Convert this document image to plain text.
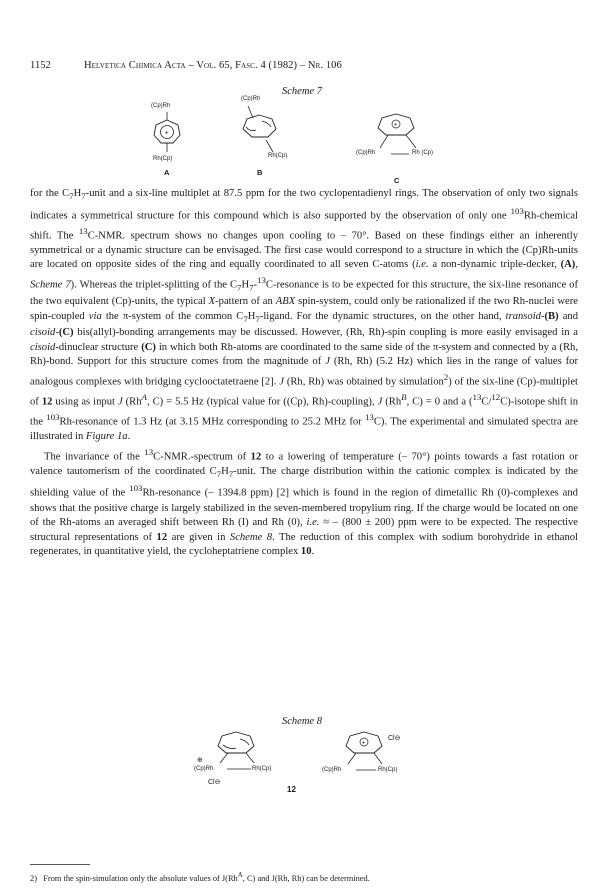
1152	Helvetica Chimica Acta – Vol. 65, Fasc. 4 (1982) – Nr. 106
Scheme 7
(Cp)Rh
+
Rh(Cp)
A
(Cp)Rh
Rh(Cp)
B
+
(Cp)Rh	Rh (Cp)
C

for the $C_7H_7$-unit and a six-line multiplet at 87.5 ppm for the two cyclopentadienyl rings. The observation of only two signals indicates a symmetrical structure for this compound which is also supported by the observation of only one $^{103}$Rh-chemical shift. The $^{13}$C-NMR. spectrum shows no changes upon cooling to – 70°. Based on these findings either an inherently symmetrical or a dynamic structure can be envisaged. The first case would correspond to a structure in which the (Cp)Rh-units are located on opposite sides of the ring and equally coordinated to all seven C-atoms (i.e. a non-dynamic triple-decker, (A), Scheme 7). Whereas the triplet-splitting of the $C_7H_7-^{13}C$-resonance is to be expected for this structure, the six-line resonance of the two equivalent (Cp)-units, the typical X-pattern of an ABX spin-system, could only be rationalized if the two Rh-nuclei were spin-coupled via the π-system of the common $C_7H_7$-ligand. For the dynamic structures, on the other hand, transoid-(B) and cisoid-(C) bis(allyl)-bonding arrangements may be discussed. However, (Rh, Rh)-spin coupling is more easily envisaged in a cisoid-dinuclear structure (C) in which both Rh-atoms are coordinated to the same side of the π-system and connected by a (Rh, Rh)-bond. Support for this structure comes from the magnitude of J (Rh, Rh) (5.2 Hz) which lies in the range of values for analogous complexes with bridging cyclooctatetraene [2]. J (Rh, Rh) was obtained by simulation$^2$) of the six-line (Cp)-multiplet of 12 using as input J ($Rh^A$, C) = 5.5 Hz (typical value for ((Cp), Rh)-coupling), J ($Rh^B$, C) = 0 and a ($^{13}$C/$^{12}$C)-isotope shift in the $^{103}$Rh-resonance of 1.3 Hz (at 3.15 MHz corresponding to 25.2 MHz for $^{13}$C). The experimental and simulated spectra are illustrated in Figure 1a.

The invariance of the $^{13}$C-NMR.-spectrum of 12 to a lowering of temperature (– 70°) points towards a fast rotation or valence tautomerism of the coordinated $C_7H_7$-unit. The charge distribution within the cationic complex is indicated by the shielding value of the $^{103}$Rh-resonance (– 1394.8 ppm) [2] which is found in the region of dimetallic Rh (0)-complexes and shows that the positive charge is largely stabilized in the seven-membered tropylium ring. If the charge would be located on one of the Rh-atoms an averaged shift between Rh (I) and Rh (0), i.e. ≈ – (800 ± 200) ppm were to be expected. The respective structural representations of 12 are given in Scheme 8. The reduction of this complex with sodium borohydride in ethanol regenerates, in quantitative yield, the cycloheptatriene complex 10.

Scheme 8
⊕
(Cp)Rh	Rh(Cp)
Cl⊖
12
+
Cl⊖
(Cp)Rh	Rh(Cp)
2) From the spin-simulation only the absolute values of $J(Rh^A$, C) and J(Rh, Rh) can be determined.
